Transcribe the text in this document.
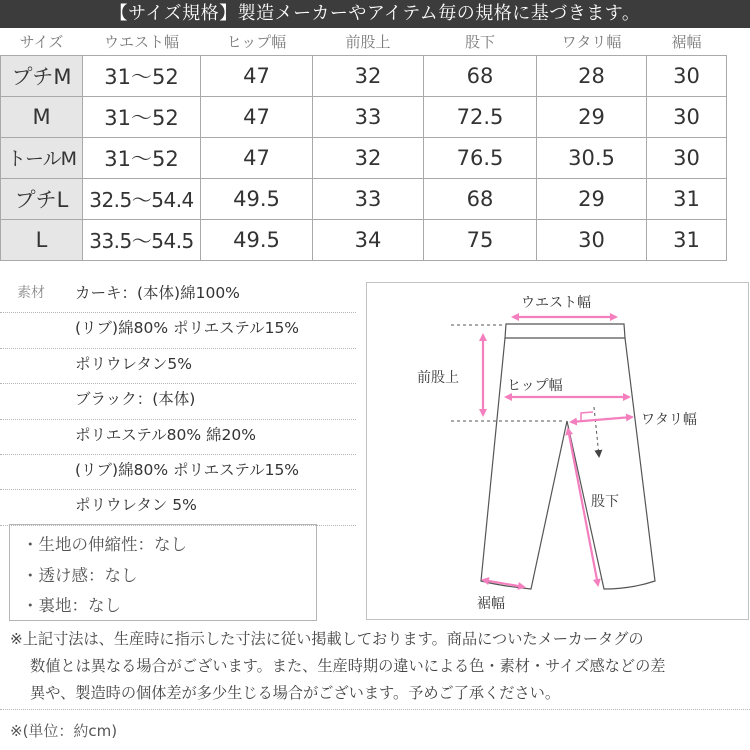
【サイズ規格】製造メーカーやアイテム毎の規格に基づきます。
サイズ	ウエスト幅	ヒップ幅	前股上	股下	ワタリ幅	裾幅
プチM	31〜52	47	32	68	28	30
M	31〜52	47	33	72.5	29	30
トールM	31〜52	47	32	76.5	30.5	30
プチL	32.5〜54.4	49.5	33	68	29	31
L	33.5〜54.5	49.5	34	75	30	31
素材 カーキ：(本体)綿100%
(リブ)綿80% ポリエステル15%
ポリウレタン5%
ブラック：(本体)
ポリエステル80% 綿20%
(リブ)綿80% ポリエステル15%
ポリウレタン 5%
・生地の伸縮性：なし
・透け感：なし
・裏地：なし
ウエスト幅
前股上	ヒップ幅
ワタリ幅
股下
裾幅
※上記寸法は、生産時に指示した寸法に従い掲載しております。商品についたメーカータグの
数値とは異なる場合がございます。また、生産時期の違いによる色・素材・サイズ感などの差
異や、製造時の個体差が多少生じる場合がございます。予めご了承ください。
※(単位：約cm)
